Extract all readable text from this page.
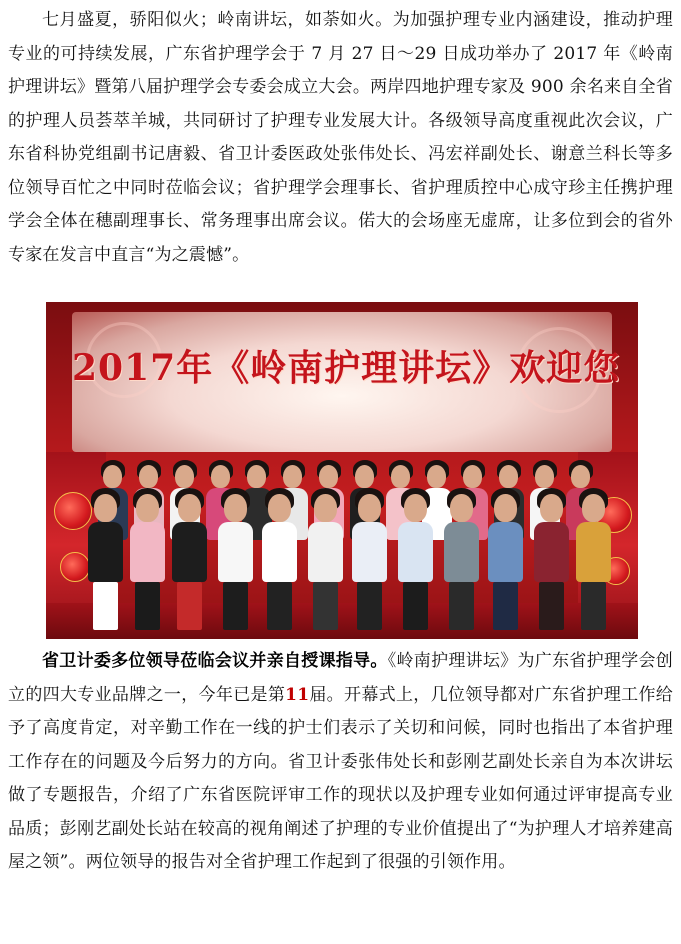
七月盛夏，骄阳似火；岭南讲坛，如荼如火。为加强护理专业内涵建设，推动护理专业的可持续发展，广东省护理学会于 7 月 27 日～29 日成功举办了 2017 年《岭南护理讲坛》暨第八届护理学会专委会成立大会。两岸四地护理专家及 900 余名来自全省的护理人员荟萃羊城，共同研讨了护理专业发展大计。各级领导高度重视此次会议，广东省科协党组副书记唐毅、省卫计委医政处张伟处长、冯宏祥副处长、谢意兰科长等多位领导百忙之中同时莅临会议；省护理学会理事长、省护理质控中心成守珍主任携护理学会全体在穗副理事长、常务理事出席会议。偌大的会场座无虚席，让多位到会的省外专家在发言中直言“为之震憾”。

2017年《岭南护理讲坛》欢迎您

省卫计委多位领导莅临会议并亲自授课指导。《岭南护理讲坛》为广东省护理学会创立的四大专业品牌之一，今年已是第11届。开幕式上，几位领导都对广东省护理工作给予了高度肯定，对辛勤工作在一线的护士们表示了关切和问候，同时也指出了本省护理工作存在的问题及今后努力的方向。省卫计委张伟处长和彭刚艺副处长亲自为本次讲坛做了专题报告，介绍了广东省医院评审工作的现状以及护理专业如何通过评审提高专业品质；彭刚艺副处长站在较高的视角阐述了护理的专业价值提出了“为护理人才培养建高屋之领”。两位领导的报告对全省护理工作起到了很强的引领作用。
